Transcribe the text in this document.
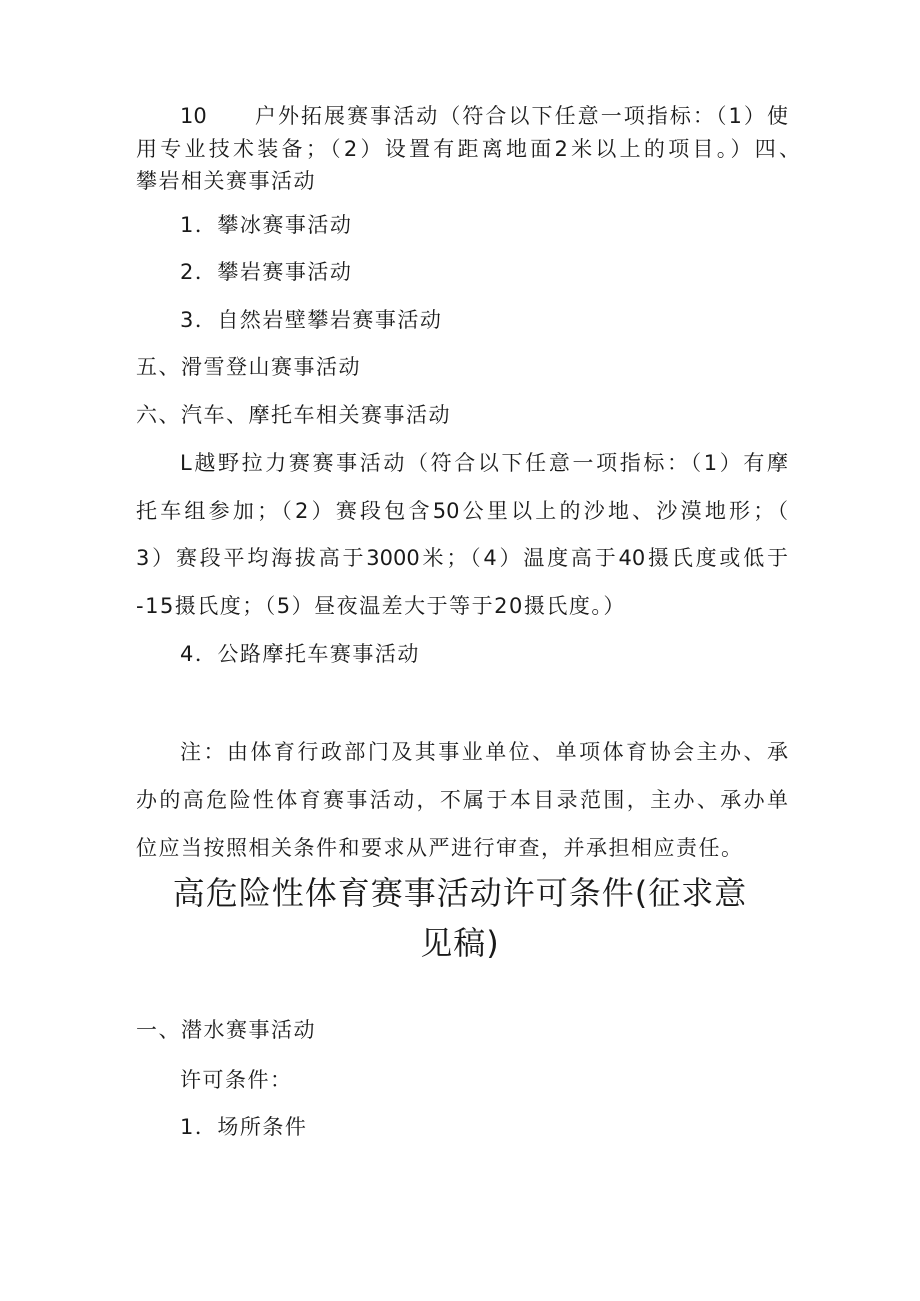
10　　户外拓展赛事活动（符合以下任意一项指标：（1）使

用专业技术装备；（2）设置有距离地面2米以上的项目。）四、

攀岩相关赛事活动

1．攀冰赛事活动

2．攀岩赛事活动

3．自然岩壁攀岩赛事活动

五、滑雪登山赛事活动

六、汽车、摩托车相关赛事活动

L越野拉力赛赛事活动（符合以下任意一项指标：（1）有摩

托车组参加；（2）赛段包含50公里以上的沙地、沙漠地形；（

3）赛段平均海拔高于3000米；（4）温度高于40摄氏度或低于

-15摄氏度；（5）昼夜温差大于等于20摄氏度。）

4．公路摩托车赛事活动

注：由体育行政部门及其事业单位、单项体育协会主办、承

办的高危险性体育赛事活动，不属于本目录范围，主办、承办单

位应当按照相关条件和要求从严进行审查，并承担相应责任。

高危险性体育赛事活动许可条件(征求意
见稿)

一、潜水赛事活动

许可条件：

1．场所条件
